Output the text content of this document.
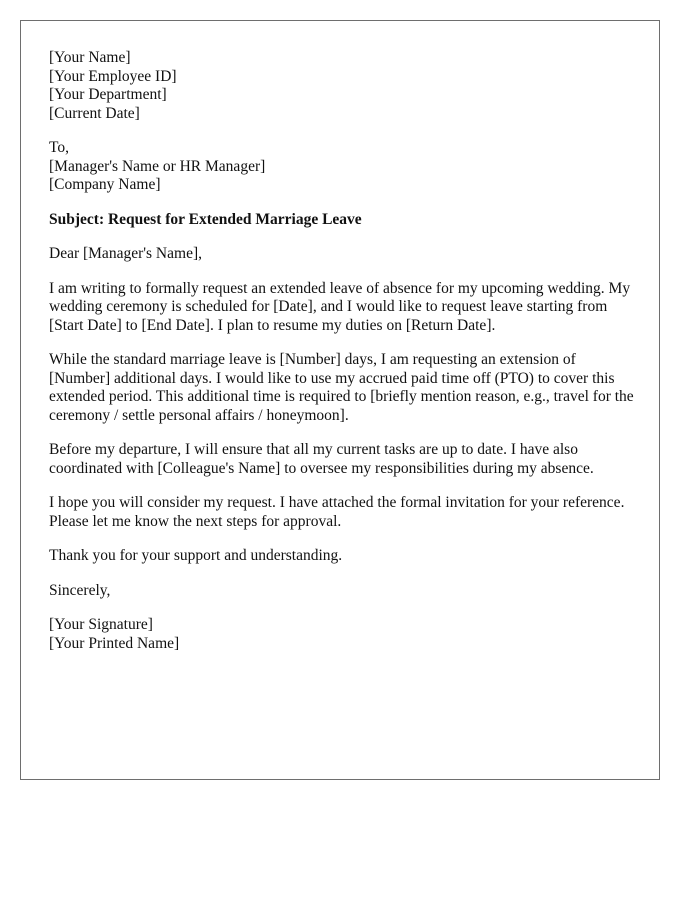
[Your Name]
[Your Employee ID]
[Your Department]
[Current Date]
To,
[Manager's Name or HR Manager]
[Company Name]
Subject: Request for Extended Marriage Leave
Dear [Manager's Name],

I am writing to formally request an extended leave of absence for my upcoming wedding. My wedding ceremony is scheduled for [Date], and I would like to request leave starting from [Start Date] to [End Date]. I plan to resume my duties on [Return Date].

While the standard marriage leave is [Number] days, I am requesting an extension of [Number] additional days. I would like to use my accrued paid time off (PTO) to cover this extended period. This additional time is required to [briefly mention reason, e.g., travel for the ceremony / settle personal affairs / honeymoon].

Before my departure, I will ensure that all my current tasks are up to date. I have also coordinated with [Colleague's Name] to oversee my responsibilities during my absence.

I hope you will consider my request. I have attached the formal invitation for your reference. Please let me know the next steps for approval.

Thank you for your support and understanding.

Sincerely,
[Your Signature]
[Your Printed Name]
